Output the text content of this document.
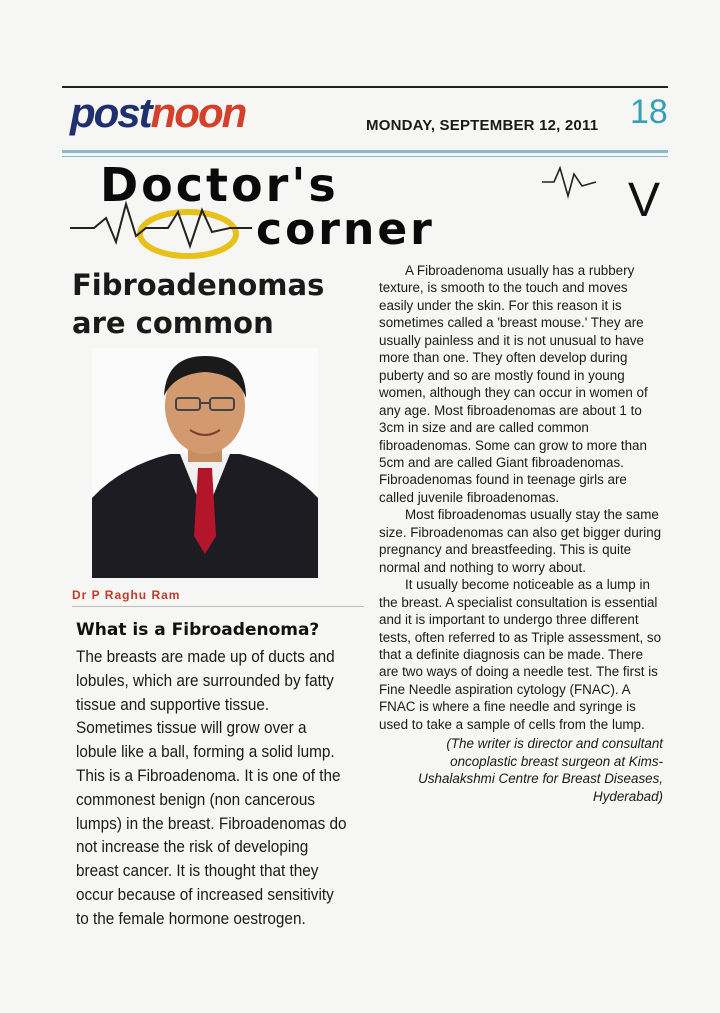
postnoon	MONDAY, SEPTEMBER 12, 2011 18
Doctor's
corner
V
Fibroadenomas
are common
Dr P Raghu Ram
What is a Fibroadenoma?
The breasts are made up of ducts and lobules, which are surrounded by fatty tissue and supportive tissue. Sometimes tissue will grow over a lobule like a ball, forming a solid lump. This is a Fibroadenoma. It is one of the commonest benign (non cancerous lumps) in the breast. Fibroadenomas do not increase the risk of developing breast cancer. It is thought that they occur because of increased sensitivity to the female hormone oestrogen.

A Fibroadenoma usually has a rubbery texture, is smooth to the touch and moves easily under the skin. For this reason it is sometimes called a 'breast mouse.' They are usually painless and it is not unusual to have more than one. They often develop during puberty and so are mostly found in young women, although they can occur in women of any age. Most fibroadenomas are about 1 to 3cm in size and are called common fibroadenomas. Some can grow to more than 5cm and are called Giant fibroadenomas. Fibroadenomas found in teenage girls are called juvenile fibroadenomas.

Most fibroadenomas usually stay the same size. Fibroadenomas can also get bigger during pregnancy and breastfeeding. This is quite normal and nothing to worry about.

It usually become noticeable as a lump in the breast. A specialist consultation is essential and it is important to undergo three different tests, often referred to as Triple assessment, so that a definite diagnosis can be made. There are two ways of doing a needle test. The first is Fine Needle aspiration cytology (FNAC). A FNAC is where a fine needle and syringe is used to take a sample of cells from the lump.

(The writer is director and consultant oncoplastic breast surgeon at Kims-Ushalakshmi Centre for Breast Diseases, Hyderabad)
